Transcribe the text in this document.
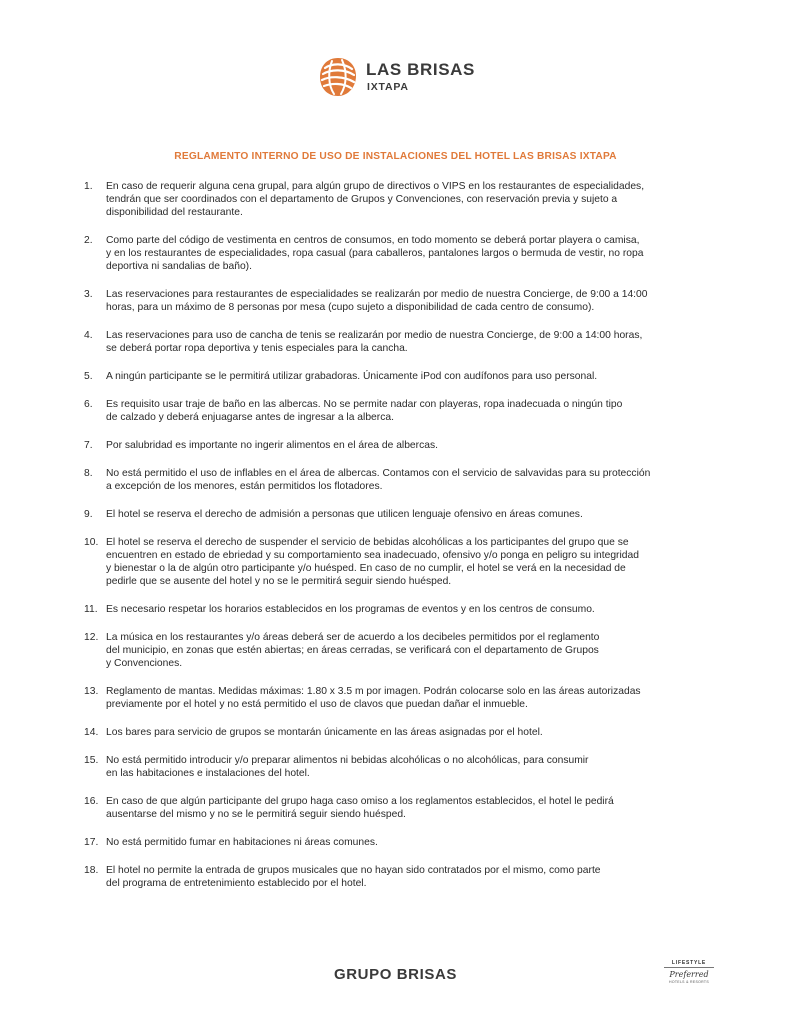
LAS BRISAS
IXTAPA
REGLAMENTO INTERNO DE USO DE INSTALACIONES DEL HOTEL LAS BRISAS IXTAPA
1. En caso de requerir alguna cena grupal, para algún grupo de directivos o VIPS en los restaurantes de especialidades,
tendrán que ser coordinados con el departamento de Grupos y Convenciones, con reservación previa y sujeto a
disponibilidad del restaurante.
2. Como parte del código de vestimenta en centros de consumos, en todo momento se deberá portar playera o camisa,
y en los restaurantes de especialidades, ropa casual (para caballeros, pantalones largos o bermuda de vestir, no ropa
deportiva ni sandalias de baño).
3. Las reservaciones para restaurantes de especialidades se realizarán por medio de nuestra Concierge, de 9:00 a 14:00
horas, para un máximo de 8 personas por mesa (cupo sujeto a disponibilidad de cada centro de consumo).
4. Las reservaciones para uso de cancha de tenis se realizarán por medio de nuestra Concierge, de 9:00 a 14:00 horas,
se deberá portar ropa deportiva y tenis especiales para la cancha.
5. A ningún participante se le permitirá utilizar grabadoras. Únicamente iPod con audífonos para uso personal.
6. Es requisito usar traje de baño en las albercas. No se permite nadar con playeras, ropa inadecuada o ningún tipo
de calzado y deberá enjuagarse antes de ingresar a la alberca.
7. Por salubridad es importante no ingerir alimentos en el área de albercas.
8. No está permitido el uso de inflables en el área de albercas. Contamos con el servicio de salvavidas para su protección
a excepción de los menores, están permitidos los flotadores.
9. El hotel se reserva el derecho de admisión a personas que utilicen lenguaje ofensivo en áreas comunes.
10. El hotel se reserva el derecho de suspender el servicio de bebidas alcohólicas a los participantes del grupo que se
encuentren en estado de ebriedad y su comportamiento sea inadecuado, ofensivo y/o ponga en peligro su integridad
y bienestar o la de algún otro participante y/o huésped. En caso de no cumplir, el hotel se verá en la necesidad de
pedirle que se ausente del hotel y no se le permitirá seguir siendo huésped.
11. Es necesario respetar los horarios establecidos en los programas de eventos y en los centros de consumo.
12. La música en los restaurantes y/o áreas deberá ser de acuerdo a los decibeles permitidos por el reglamento
del municipio, en zonas que estén abiertas; en áreas cerradas, se verificará con el departamento de Grupos
y Convenciones.
13. Reglamento de mantas. Medidas máximas: 1.80 x 3.5 m por imagen. Podrán colocarse solo en las áreas autorizadas
previamente por el hotel y no está permitido el uso de clavos que puedan dañar el inmueble.
14. Los bares para servicio de grupos se montarán únicamente en las áreas asignadas por el hotel.
15. No está permitido introducir y/o preparar alimentos ni bebidas alcohólicas o no alcohólicas, para consumir
en las habitaciones e instalaciones del hotel.
16. En caso de que algún participante del grupo haga caso omiso a los reglamentos establecidos, el hotel le pedirá
ausentarse del mismo y no se le permitirá seguir siendo huésped.
17. No está permitido fumar en habitaciones ni áreas comunes.
18. El hotel no permite la entrada de grupos musicales que no hayan sido contratados por el mismo, como parte
del programa de entretenimiento establecido por el hotel.
GRUPO BRISAS
LIFESTYLE
Preferred
HOTELS & RESORTS
